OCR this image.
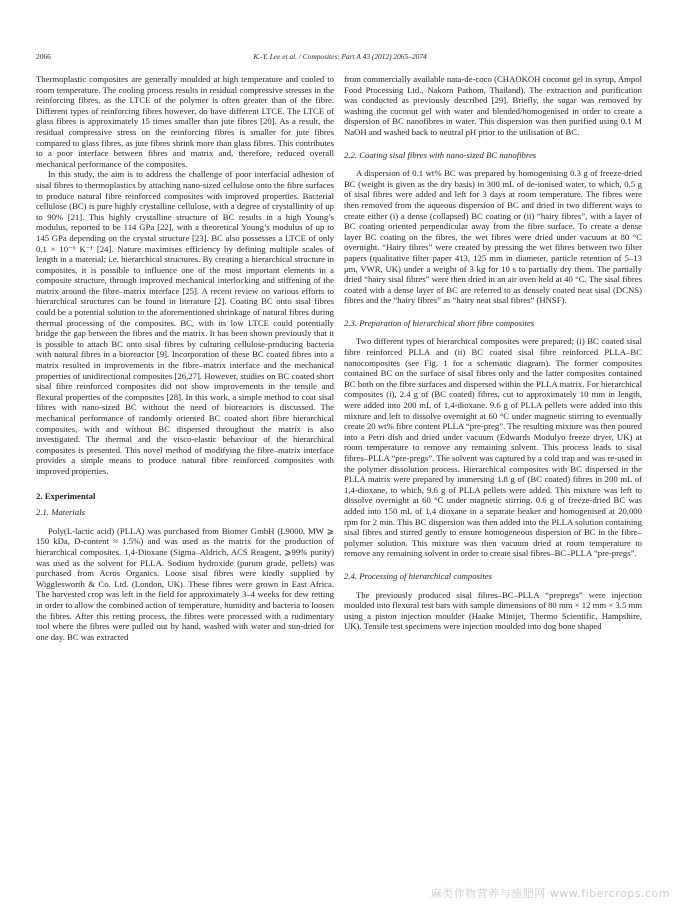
2066	K.-Y. Lee et al. / Composites: Part A 43 (2012) 2065–2074

Thermoplastic composites are generally moulded at high temperature and cooled to room temperature. The cooling process results in residual compressive stresses in the reinforcing fibres, as the LTCE of the polymer is often greater than of the fibre. Different types of reinforcing fibres however, do have different LTCE. The LTCE of glass fibres is approximately 15 times smaller than jute fibres [20]. As a result, the residual compressive stress on the reinforcing fibres is smaller for jute fibres compared to glass fibres, as jute fibres shrink more than glass fibres. This contributes to a poor interface between fibres and matrix and, therefore, reduced overall mechanical performance of the composites.

In this study, the aim is to address the challenge of poor interfacial adhesion of sisal fibres to thermoplastics by attaching nano-sized cellulose onto the fibre surfaces to produce natural fibre reinforced composites with improved properties. Bacterial cellulose (BC) is pure highly crystalline cellulose, with a degree of crystallinity of up to 90% [21]. This highly crystalline structure of BC results in a high Young’s modulus, reported to be 114 GPa [22], with a theoretical Young’s modulus of up to 145 GPa depending on the crystal structure [23]. BC also possesses a LTCE of only 0.1 × 10⁻⁶ K⁻¹ [24]. Nature maximises efficiency by defining multiple scales of length in a material; i.e. hierarchical structures. By creating a hierarchical structure in composites, it is possible to influence one of the most important elements in a composite structure, through improved mechanical interlocking and stiffening of the matrix around the fibre–matrix interface [25]. A recent review on various efforts to hierarchical structures can be found in literature [2]. Coating BC onto sisal fibres could be a potential solution to the aforementioned shrinkage of natural fibres during thermal processing of the composites. BC, with its low LTCE could potentially bridge the gap between the fibres and the matrix. It has been shown previously that it is possible to attach BC onto sisal fibres by culturing cellulose-producing bacteria with natural fibres in a bioreactor [9]. Incorporation of these BC coated fibres into a matrix resulted in improvements in the fibre–matrix interface and the mechanical properties of unidirectional composites [26,27]. However, studies on BC coated short sisal fibre reinforced composites did not show improvements in the tensile and flexural properties of the composites [28]. In this work, a simple method to coat sisal fibres with nano-sized BC without the need of bioreactors is discussed. The mechanical performance of randomly oriented BC coated short fibre hierarchical composites, with and without BC dispersed throughout the matrix is also investigated. The thermal and the visco-elastic behaviour of the hierarchical composites is presented. This novel method of modifying the fibre–matrix interface provides a simple means to produce natural fibre reinforced composites with improved properties.

2. Experimental
2.1. Materials

Poly(L-lactic acid) (PLLA) was purchased from Biomer GmbH (L9000, MW ⩾ 150 kDa, D-content ≈ 1.5%) and was used as the matrix for the production of hierarchical composites. 1,4-Dioxane (Sigma–Aldrich, ACS Reagent, ⩾99% purity) was used as the solvent for PLLA. Sodium hydroxide (purum grade, pellets) was purchased from Acros Organics. Loose sisal fibres were kindly supplied by Wigglesworth & Co. Ltd. (London, UK). These fibres were grown in East Africa. The harvested crop was left in the field for approximately 3–4 weeks for dew retting in order to allow the combined action of temperature, humidity and bacteria to loosen the fibres. After this retting process, the fibres were processed with a rudimentary tool where the fibres were pulled out by hand, washed with water and sun-dried for one day. BC was extracted

from commercially available nata-de-coco (CHAOKOH coconut gel in syrup, Ampol Food Processing Ltd., Nakorn Pathom, Thailand). The extraction and purification was conducted as previously described [29]. Briefly, the sugar was removed by washing the coconut gel with water and blended/homogenised in order to create a dispersion of BC nanofibres in water. This dispersion was then purified using 0.1 M NaOH and washed back to neutral pH prior to the utilisation of BC.

2.2. Coating sisal fibres with nano-sized BC nanofibres

A dispersion of 0.1 wt% BC was prepared by homogenising 0.3 g of freeze-dried BC (weight is given as the dry basis) in 300 mL of de-ionised water, to which, 0.5 g of sisal fibres were added and left for 3 days at room temperature. The fibres were then removed from the aqueous dispersion of BC and dried in two different ways to create either (i) a dense (collapsed) BC coating or (ii) “hairy fibres”, with a layer of BC coating oriented perpendicular away from the fibre surface. To create a dense layer BC coating on the fibres, the wet fibres were dried under vacuum at 80 °C overnight. “Hairy fibres” were created by pressing the wet fibres between two filter papers (qualitative filter paper 413, 125 mm in diameter, particle retention of 5–13 μm, VWR, UK) under a weight of 3 kg for 10 s to partially dry them. The partially dried “hairy sisal fibres” were then dried in an air oven held at 40 °C. The sisal fibres coated with a dense layer of BC are referred to as densely coated neat sisal (DCNS) fibres and the “hairy fibres” as “hairy neat sisal fibres” (HNSF).

2.3. Preparation of hierarchical short fibre composites

Two different types of hierarchical composites were prepared; (i) BC coated sisal fibre reinforced PLLA and (ii) BC coated sisal fibre reinforced PLLA–BC nanocomposites (see Fig. 1 for a schematic diagram). The former composites contained BC on the surface of sisal fibres only and the latter composites contained BC both on the fibre surfaces and dispersed within the PLLA matrix. For hierarchical composites (i), 2.4 g of (BC coated) fibres, cut to approximately 10 mm in length, were added into 200 mL of 1,4-dioxane. 9.6 g of PLLA pellets were added into this mixture and left to dissolve overnight at 60 °C under magnetic stirring to eventually create 20 wt% fibre content PLLA “pre-preg”. The resulting mixture was then poured into a Petri dish and dried under vacuum (Edwards Modulyo freeze dryer, UK) at room temperature to remove any remaining solvent. This process leads to sisal fibres–PLLA “pre-pregs”. The solvent was captured by a cold trap and was re-used in the polymer dissolution process. Hierarchical composites with BC dispersed in the PLLA matrix were prepared by immersing 1.8 g of (BC coated) fibres in 200 mL of 1,4-dioxane, to which, 9.6 g of PLLA pellets were added. This mixture was left to dissolve overnight at 60 °C under magnetic stirring. 0.6 g of freeze-dried BC was added into 150 mL of 1,4 dioxane in a separate beaker and homogenised at 20,000 rpm for 2 min. This BC dispersion was then added into the PLLA solution containing sisal fibres and stirred gently to ensure homogeneous dispersion of BC in the fibre–polymer solution. This mixture was then vacuum dried at room temperature to remove any remaining solvent in order to create sisal fibres–BC–PLLA “pre-pregs”.

2.4. Processing of hierarchical composites

The previously produced sisal fibres–BC–PLLA “prepregs” were injection moulded into flexural test bars with sample dimensions of 80 mm × 12 mm × 3.5 mm using a piston injection moulder (Haake Minijet, Thermo Scientific, Hampshire, UK). Tensile test specimens were injection moulded into dog bone shaped

麻类作物营养与施肥网 www.fibercrops.com
